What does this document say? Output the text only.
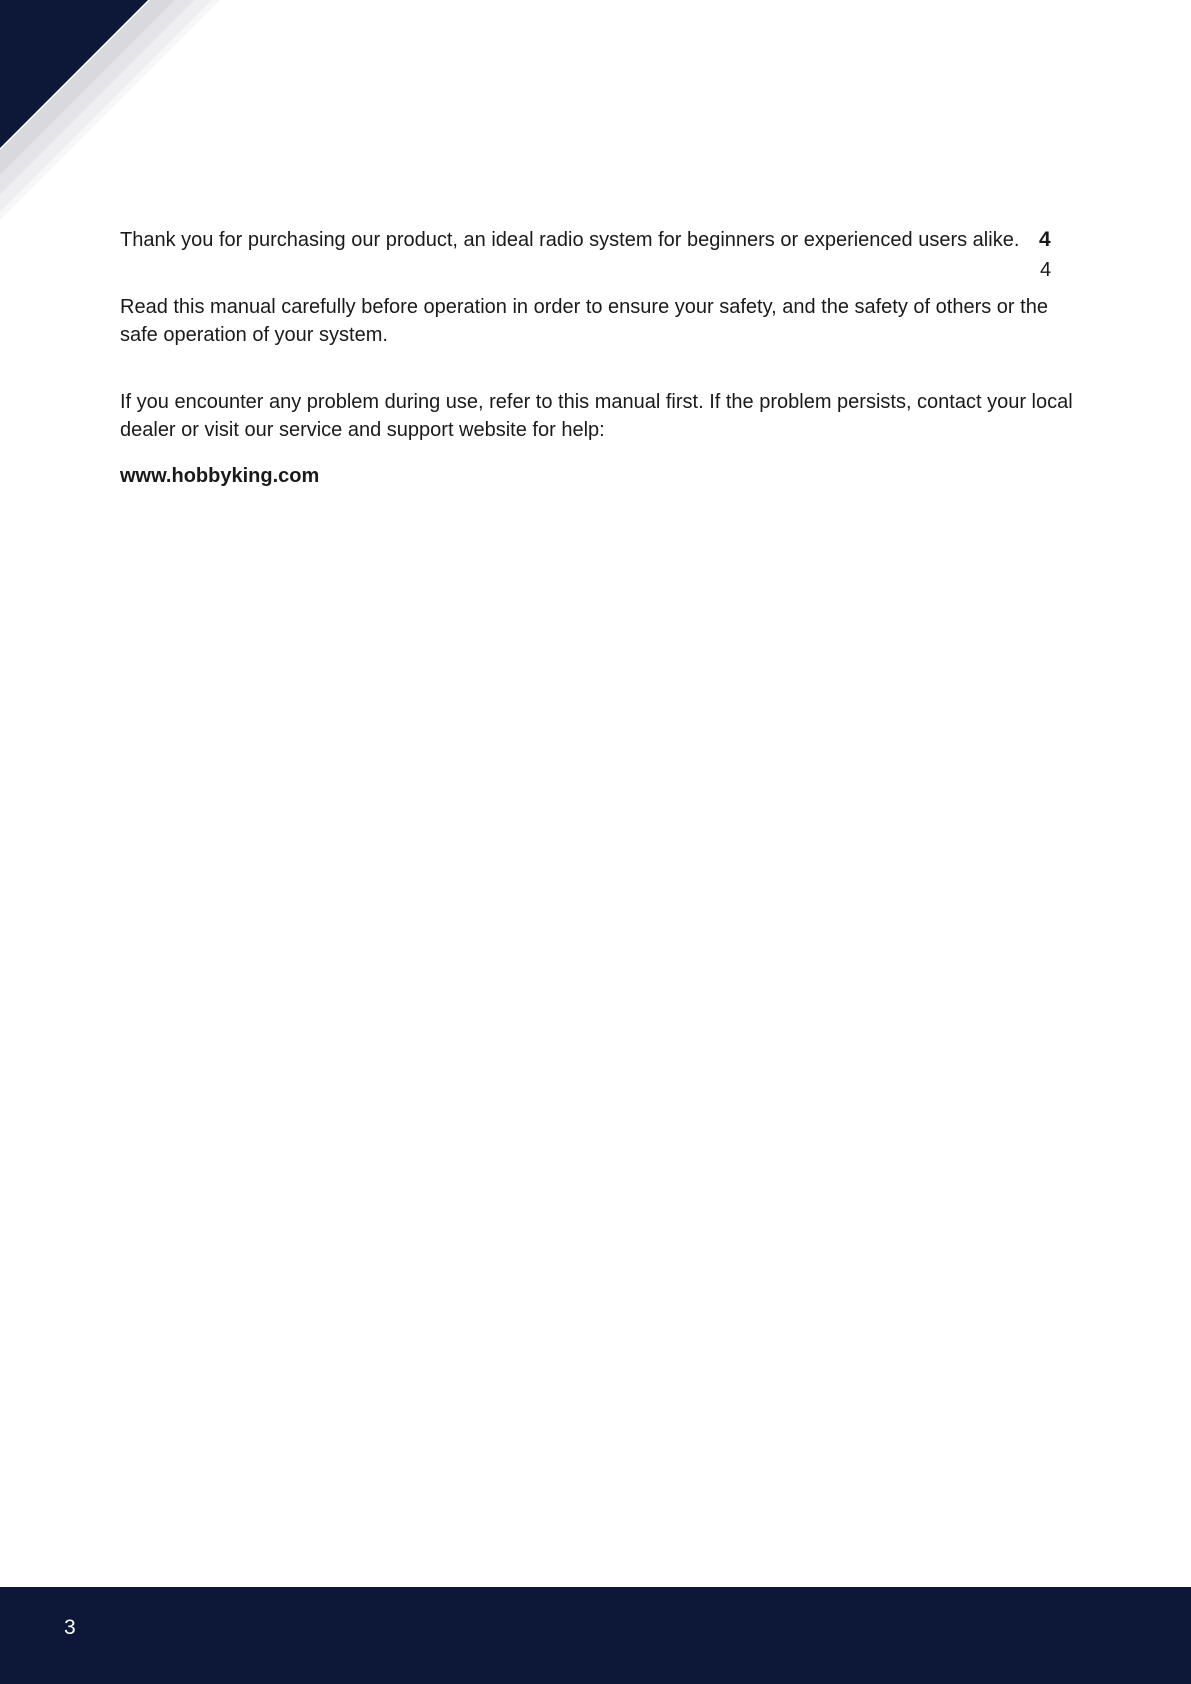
Thank you for purchasing our product, an ideal radio system for beginners or experienced users alike. 4
4

Read this manual carefully before operation in order to ensure your safety, and the safety of others or the safe operation of your system.

If you encounter any problem during use, refer to this manual first. If the problem persists, contact your local dealer or visit our service and support website for help:

www.hobbyking.com
3
